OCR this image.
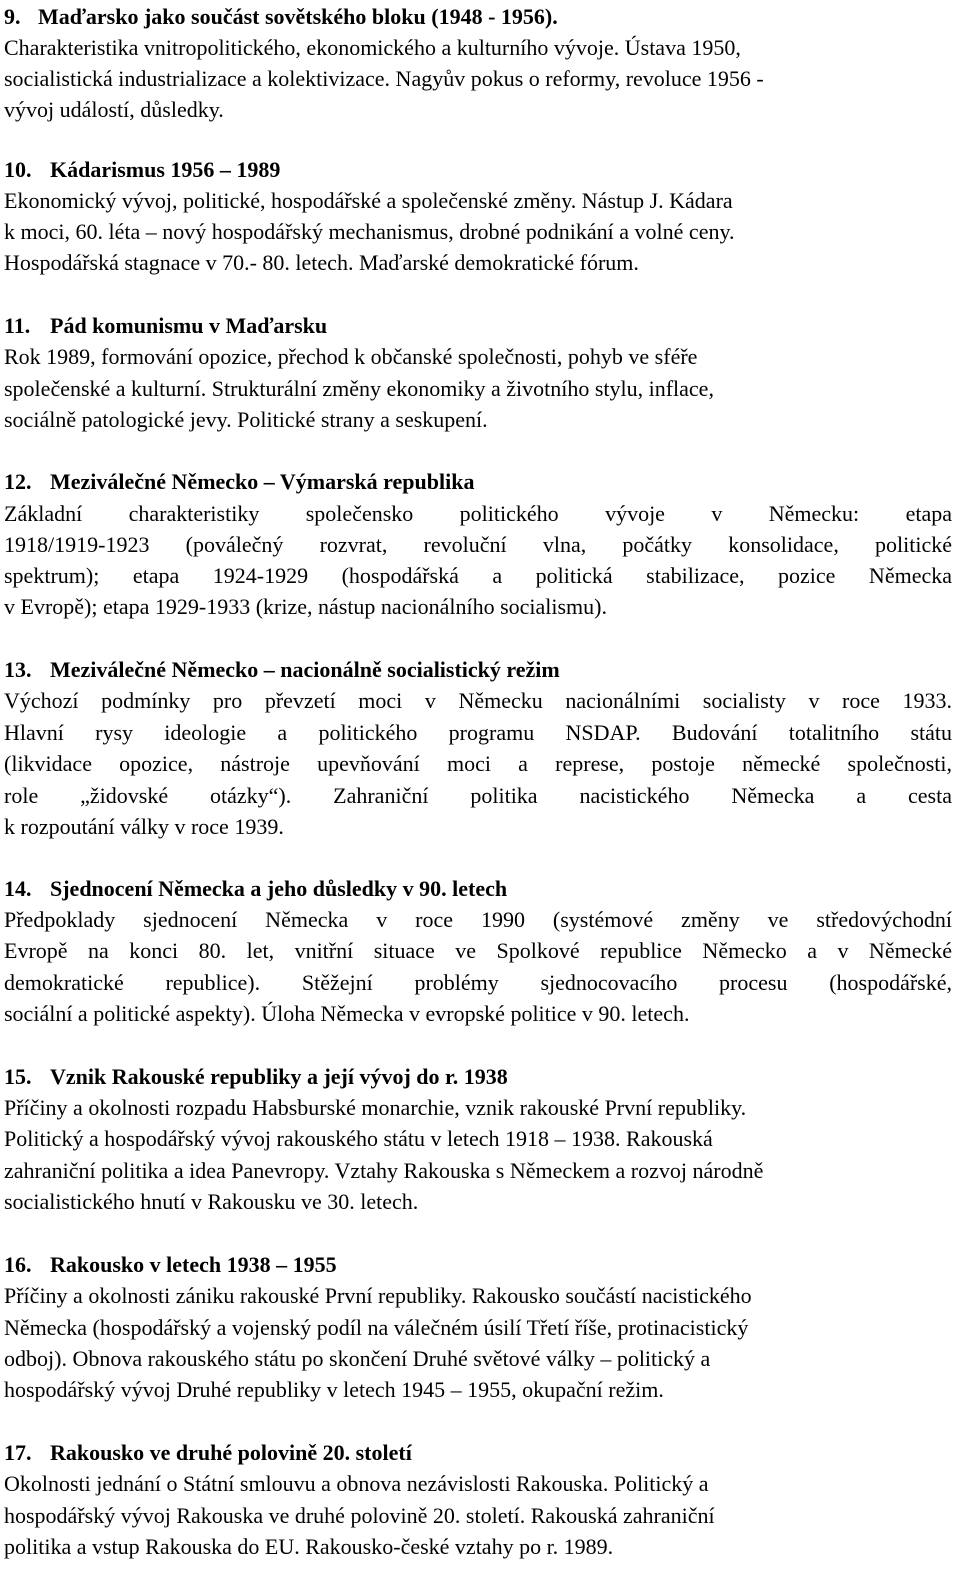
9. Maďarsko jako součást sovětského bloku (1948 - 1956).
Charakteristika vnitropolitického, ekonomického a kulturního vývoje. Ústava 1950,
socialistická industrializace a kolektivizace. Nagyův pokus o reformy, revoluce 1956 -
vývoj událostí, důsledky.
10. Kádarismus 1956 – 1989
Ekonomický vývoj, politické, hospodářské a společenské změny. Nástup J. Kádara
k moci, 60. léta – nový hospodářský mechanismus, drobné podnikání a volné ceny.
Hospodářská stagnace v 70.- 80. letech. Maďarské demokratické fórum.
11. Pád komunismu v Maďarsku
Rok 1989, formování opozice, přechod k občanské společnosti, pohyb ve sféře
společenské a kulturní. Strukturální změny ekonomiky a životního stylu, inflace,
sociálně patologické jevy. Politické strany a seskupení.
12. Meziválečné Německo – Výmarská republika
Základní charakteristiky společensko politického vývoje v Německu: etapa
1918/1919-1923 (poválečný rozvrat, revoluční vlna, počátky konsolidace, politické
spektrum); etapa 1924-1929 (hospodářská a politická stabilizace, pozice Německa
v Evropě); etapa 1929-1933 (krize, nástup nacionálního socialismu).
13. Meziválečné Německo – nacionálně socialistický režim
Výchozí podmínky pro převzetí moci v Německu nacionálními socialisty v roce 1933.
Hlavní rysy ideologie a politického programu NSDAP. Budování totalitního státu
(likvidace opozice, nástroje upevňování moci a represe, postoje německé společnosti,
role „židovské otázky“). Zahraniční politika nacistického Německa a cesta
k rozpoutání války v roce 1939.
14. Sjednocení Německa a jeho důsledky v 90. letech
Předpoklady sjednocení Německa v roce 1990 (systémové změny ve středovýchodní
Evropě na konci 80. let, vnitřní situace ve Spolkové republice Německo a v Německé
demokratické republice). Stěžejní problémy sjednocovacího procesu (hospodářské,
sociální a politické aspekty). Úloha Německa v evropské politice v 90. letech.
15. Vznik Rakouské republiky a její vývoj do r. 1938
Příčiny a okolnosti rozpadu Habsburské monarchie, vznik rakouské První republiky.
Politický a hospodářský vývoj rakouského státu v letech 1918 – 1938. Rakouská
zahraniční politika a idea Panevropy. Vztahy Rakouska s Německem a rozvoj národně
socialistického hnutí v Rakousku ve 30. letech.
16. Rakousko v letech 1938 – 1955
Příčiny a okolnosti zániku rakouské První republiky. Rakousko součástí nacistického
Německa (hospodářský a vojenský podíl na válečném úsilí Třetí říše, protinacistický
odboj). Obnova rakouského státu po skončení Druhé světové války – politický a
hospodářský vývoj Druhé republiky v letech 1945 – 1955, okupační režim.
17. Rakousko ve druhé polovině 20. století
Okolnosti jednání o Státní smlouvu a obnova nezávislosti Rakouska. Politický a
hospodářský vývoj Rakouska ve druhé polovině 20. století. Rakouská zahraniční
politika a vstup Rakouska do EU. Rakousko-české vztahy po r. 1989.
